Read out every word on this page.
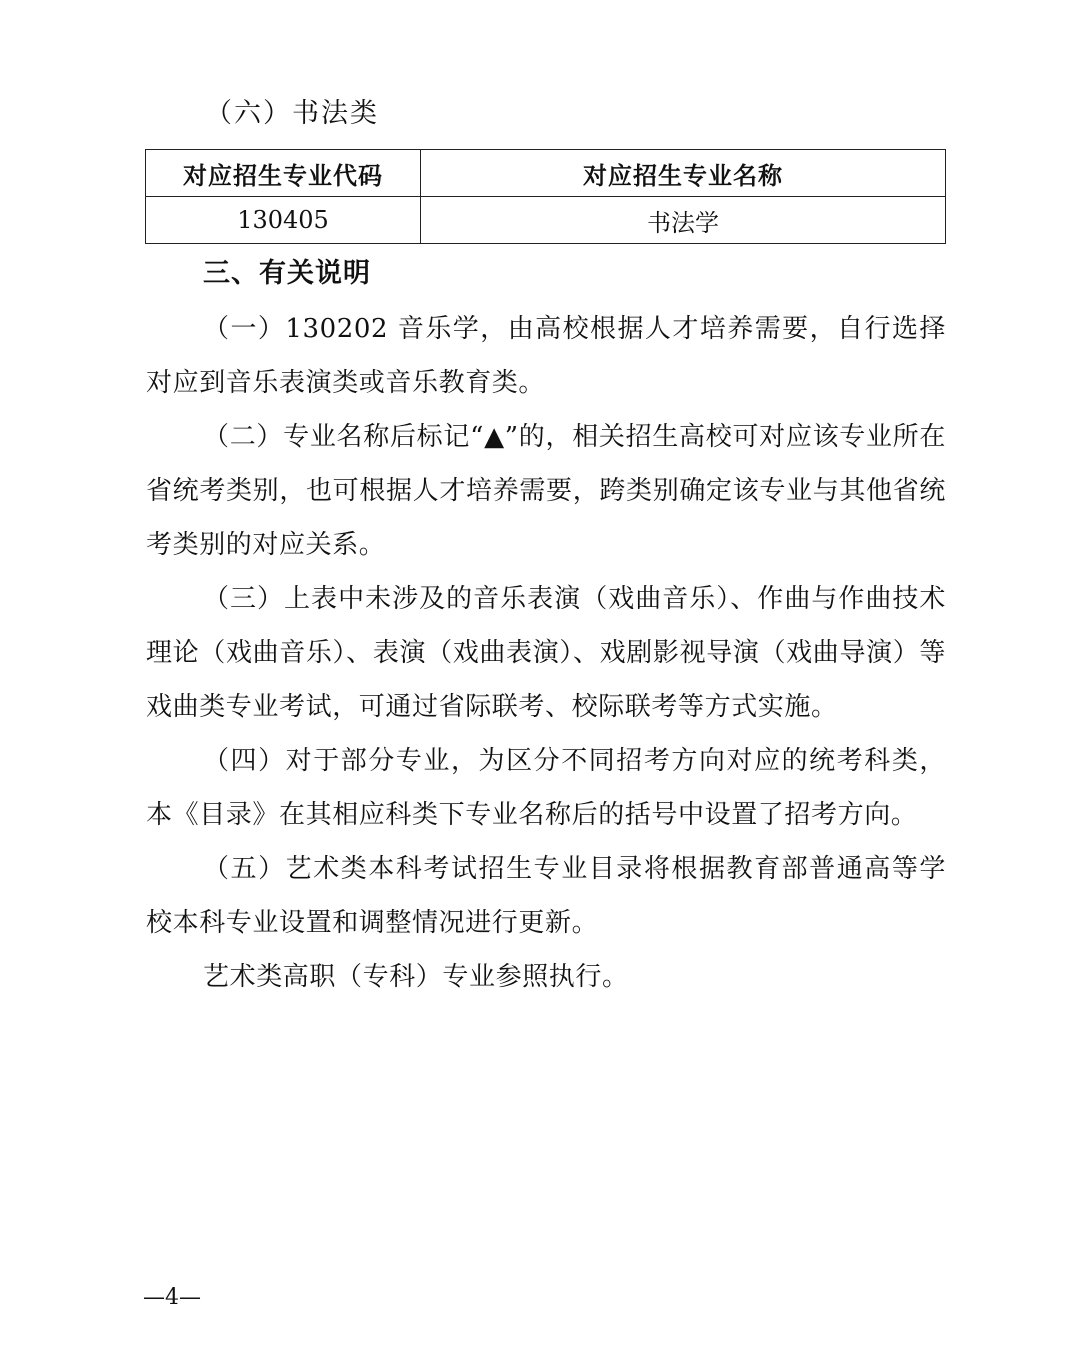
（六）书法类
对应招生专业代码	对应招生专业名称
130405	书法学
三、有关说明

（一）130202 音乐学，由高校根据人才培养需要，自行选择对应到音乐表演类或音乐教育类。

（二）专业名称后标记“▲”的，相关招生高校可对应该专业所在省统考类别，也可根据人才培养需要，跨类别确定该专业与其他省统考类别的对应关系。

（三）上表中未涉及的音乐表演（戏曲音乐）、作曲与作曲技术理论（戏曲音乐）、表演（戏曲表演）、戏剧影视导演（戏曲导演）等戏曲类专业考试，可通过省际联考、校际联考等方式实施。

（四）对于部分专业，为区分不同招考方向对应的统考科类，本《目录》在其相应科类下专业名称后的括号中设置了招考方向。

（五）艺术类本科考试招生专业目录将根据教育部普通高等学校本科专业设置和调整情况进行更新。

艺术类高职（专科）专业参照执行。

—4—
